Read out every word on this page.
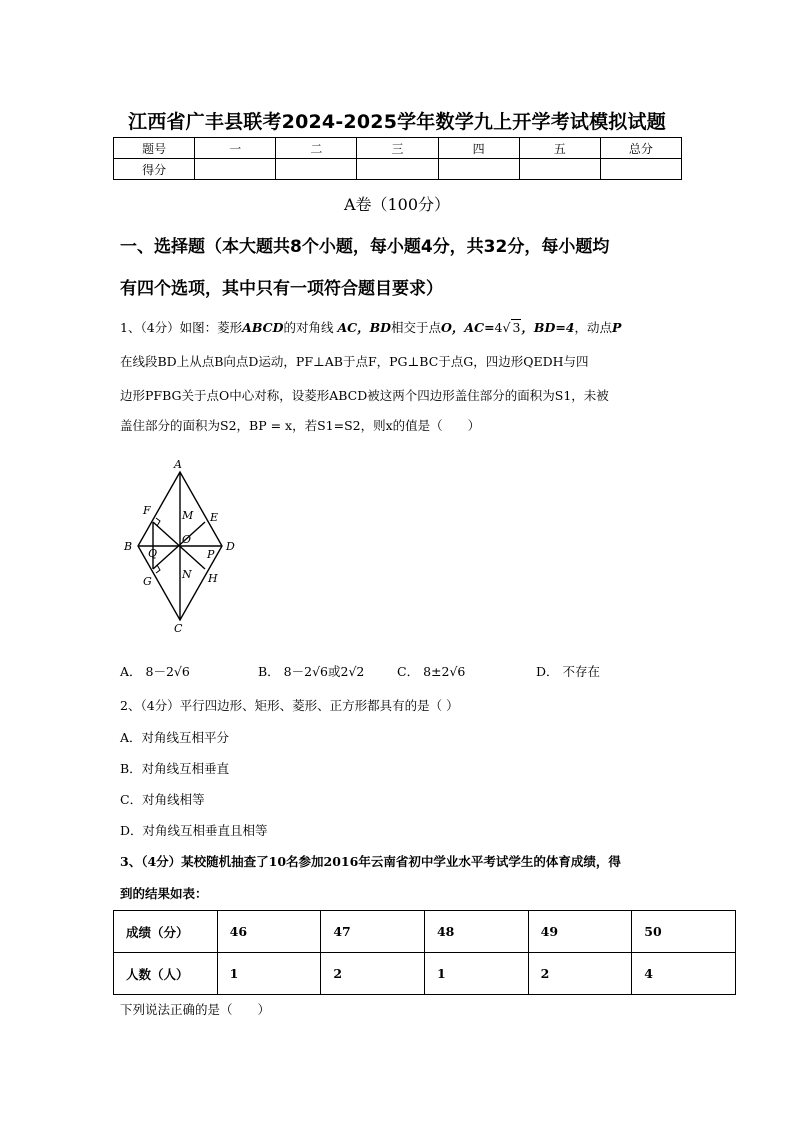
江西省广丰县联考2024-2025学年数学九上开学考试模拟试题
题号	一	二	三	四	五	总分
得分						
A卷（100分）
一、选择题（本大题共8个小题，每小题4分，共32分，每小题均
有四个选项，其中只有一项符合题目要求）
1、（4分）如图：菱形ABCD的对角线 AC，BD相交于点O，AC=4√ 3，BD=4，动点P
在线段BD上从点B向点D运动，PF⊥AB于点F，PG⊥BC于点G，四边形QEDH与四
边形PFBG关于点O中心对称，设菱形ABCD被这两个四边形盖住部分的面积为S1，未被
盖住部分的面积为S2，BP = x，若S1=S2，则x的值是（　　）
A
B
C
D
E
F
G	H
M
N
O
P
Q
A． 8－2√6	B． 8－2√6或2√2	C． 8±2√6	D． 不存在
2、（4分）平行四边形、矩形、菱形、正方形都具有的是（ ）
A．对角线互相平分
B．对角线互相垂直
C．对角线相等
D．对角线互相垂直且相等
3、（4分）某校随机抽查了10名参加2016年云南省初中学业水平考试学生的体育成绩，得
到的结果如表：
成绩（分）	46	47	48	49	50
人数（人）	1	2	1	2	4
下列说法正确的是（　　）
